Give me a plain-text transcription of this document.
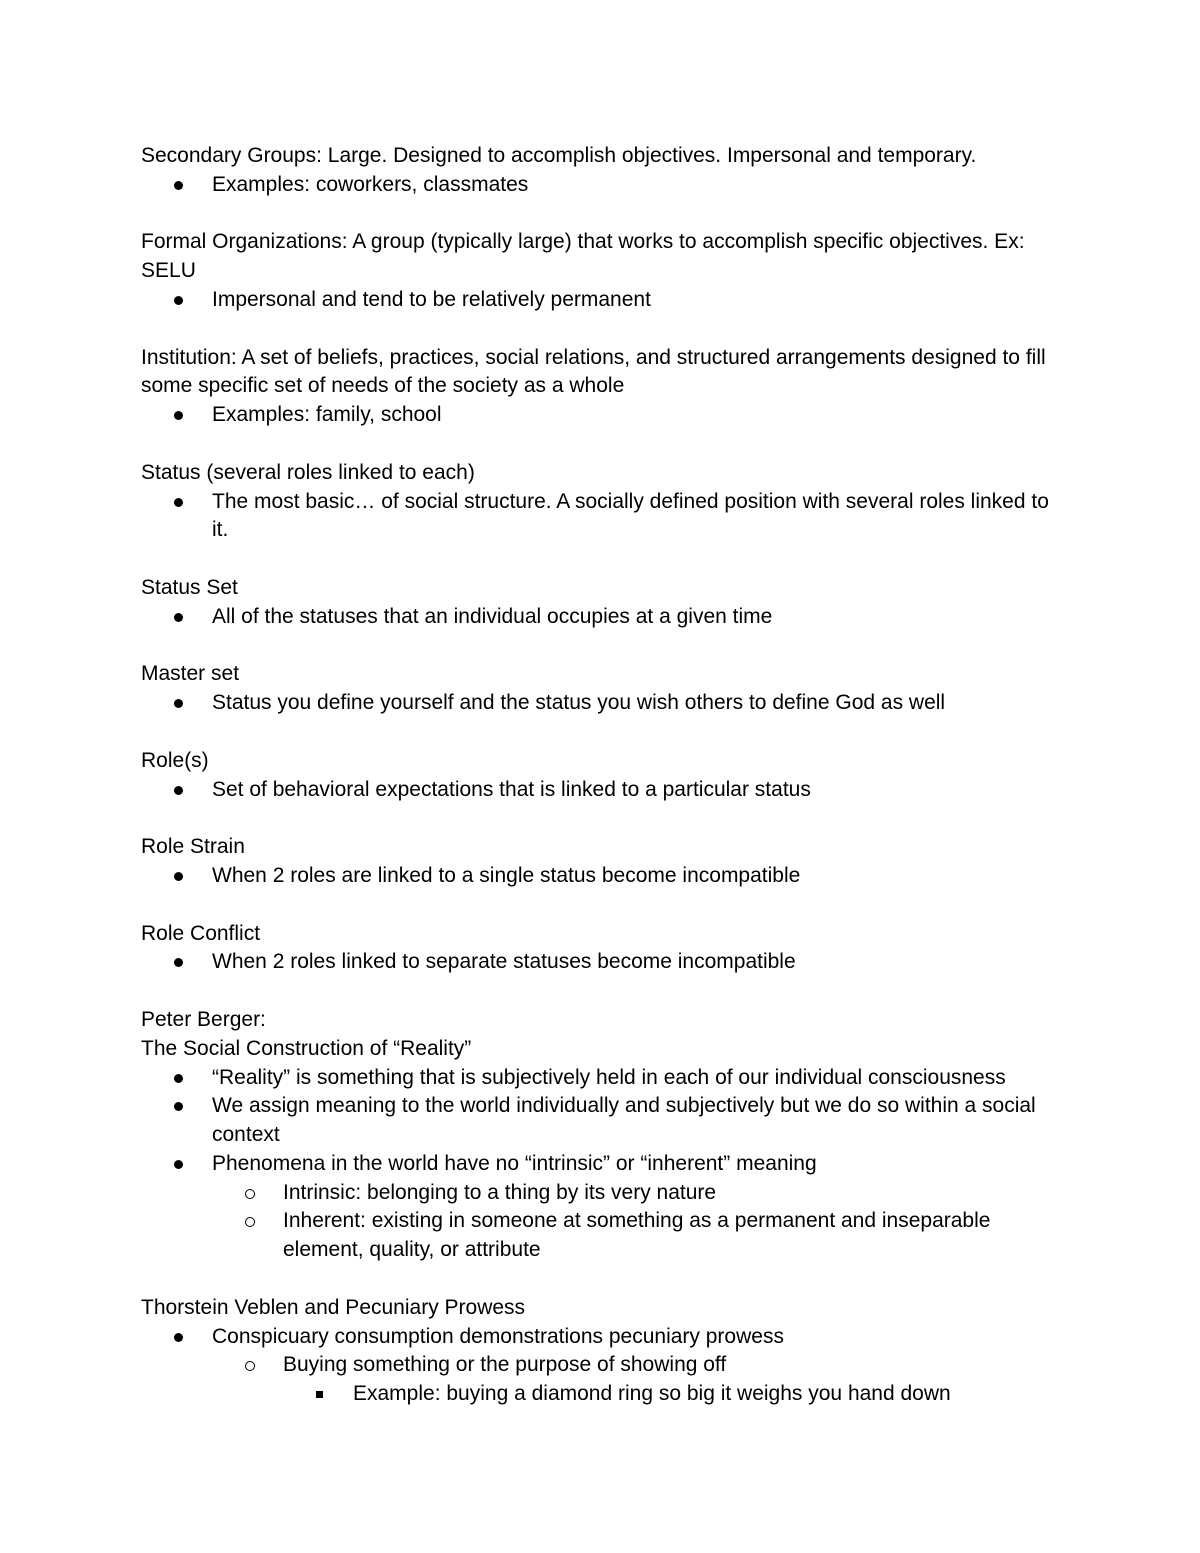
Secondary Groups: Large. Designed to accomplish objectives. Impersonal and temporary.
Examples: coworkers, classmates
Formal Organizations: A group (typically large) that works to accomplish specific objectives. Ex: SELU
Impersonal and tend to be relatively permanent
Institution: A set of beliefs, practices, social relations, and structured arrangements designed to fill some specific set of needs of the society as a whole
Examples: family, school
Status (several roles linked to each)
The most basic… of social structure. A socially defined position with several roles linked to it.
Status Set
All of the statuses that an individual occupies at a given time
Master set
Status you define yourself and the status you wish others to define God as well
Role(s)
Set of behavioral expectations that is linked to a particular status
Role Strain
When 2 roles are linked to a single status become incompatible
Role Conflict
When 2 roles linked to separate statuses become incompatible
Peter Berger:
The Social Construction of “Reality”
“Reality” is something that is subjectively held in each of our individual consciousness
We assign meaning to the world individually and subjectively but we do so within a social context
Phenomena in the world have no “intrinsic” or “inherent” meaning
Intrinsic: belonging to a thing by its very nature
Inherent: existing in someone at something as a permanent and inseparable element, quality, or attribute
Thorstein Veblen and Pecuniary Prowess
Conspicuary consumption demonstrations pecuniary prowess
Buying something or the purpose of showing off
Example: buying a diamond ring so big it weighs you hand down
